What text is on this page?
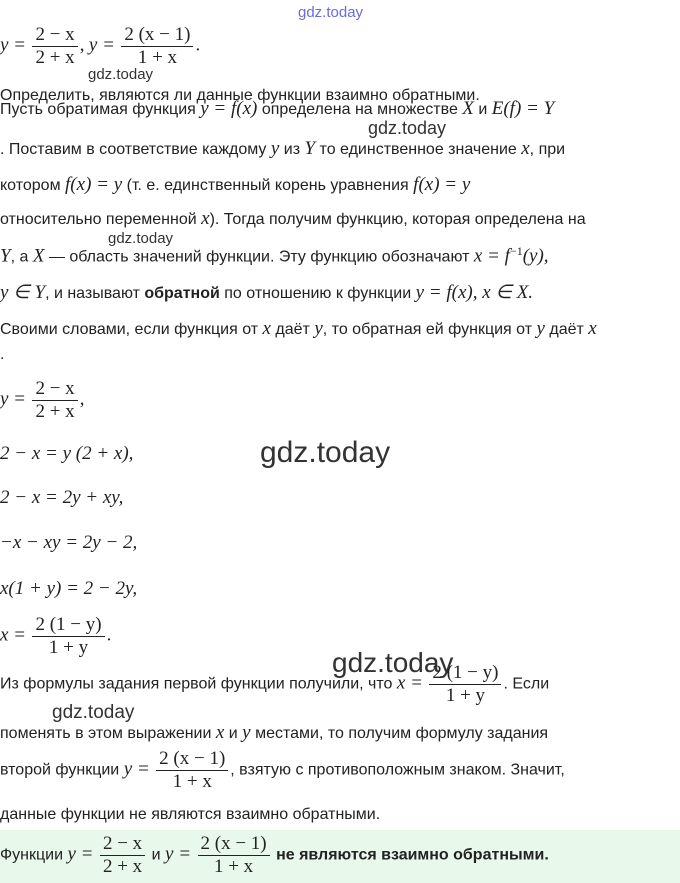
gdz.today
gdz.today
gdz.today
gdz.today
gdz.today
gdz.today
gdz.today
$y = \frac{2 - x}{2 + x}$ , $y = \frac{2 (x - 1)}{1 + x}$ .
Определить, являются ли данные функции взаимно обратными.
Пусть обратимая функция y = f(x) определена на множестве X и E(f) = Y
. Поставим в соответствие каждому y из Y то единственное значение x, при
котором f(x) = y (т. е. единственный корень уравнения f(x) = y
относительно переменной x). Тогда получим функцию, которая определена на
Y, а X — область значений функции. Эту функцию обозначают $x = f^{-1}(y)$,
y ∈ Y, и называют обратной по отношению к функции y = f(x), x ∈ X.
Своими словами, если функция от x даёт y, то обратная ей функция от y даёт x
.
$y = \frac{2 - x}{2 + x}$ ,
2 − x = y (2 + x),
2 − x = 2y + xy,
−x − xy = 2y − 2,
x(1 + y) = 2 − 2y,
$x = \frac{2 (1 - y)}{1 + y}$ .
Из формулы задания первой функции получили, что $x = \frac{2 (1 - y)}{1 + y}$ . Если
поменять в этом выражении x и y местами, то получим формулу задания
второй функции $y = \frac{2 (x - 1)}{1 + x}$ , взятую с противоположным знаком. Значит,
данные функции не являются взаимно обратными.
Функции $y = \frac{2 - x}{2 + x}$ и $y = \frac{2 (x - 1)}{1 + x}$ не являются взаимно обратными.
